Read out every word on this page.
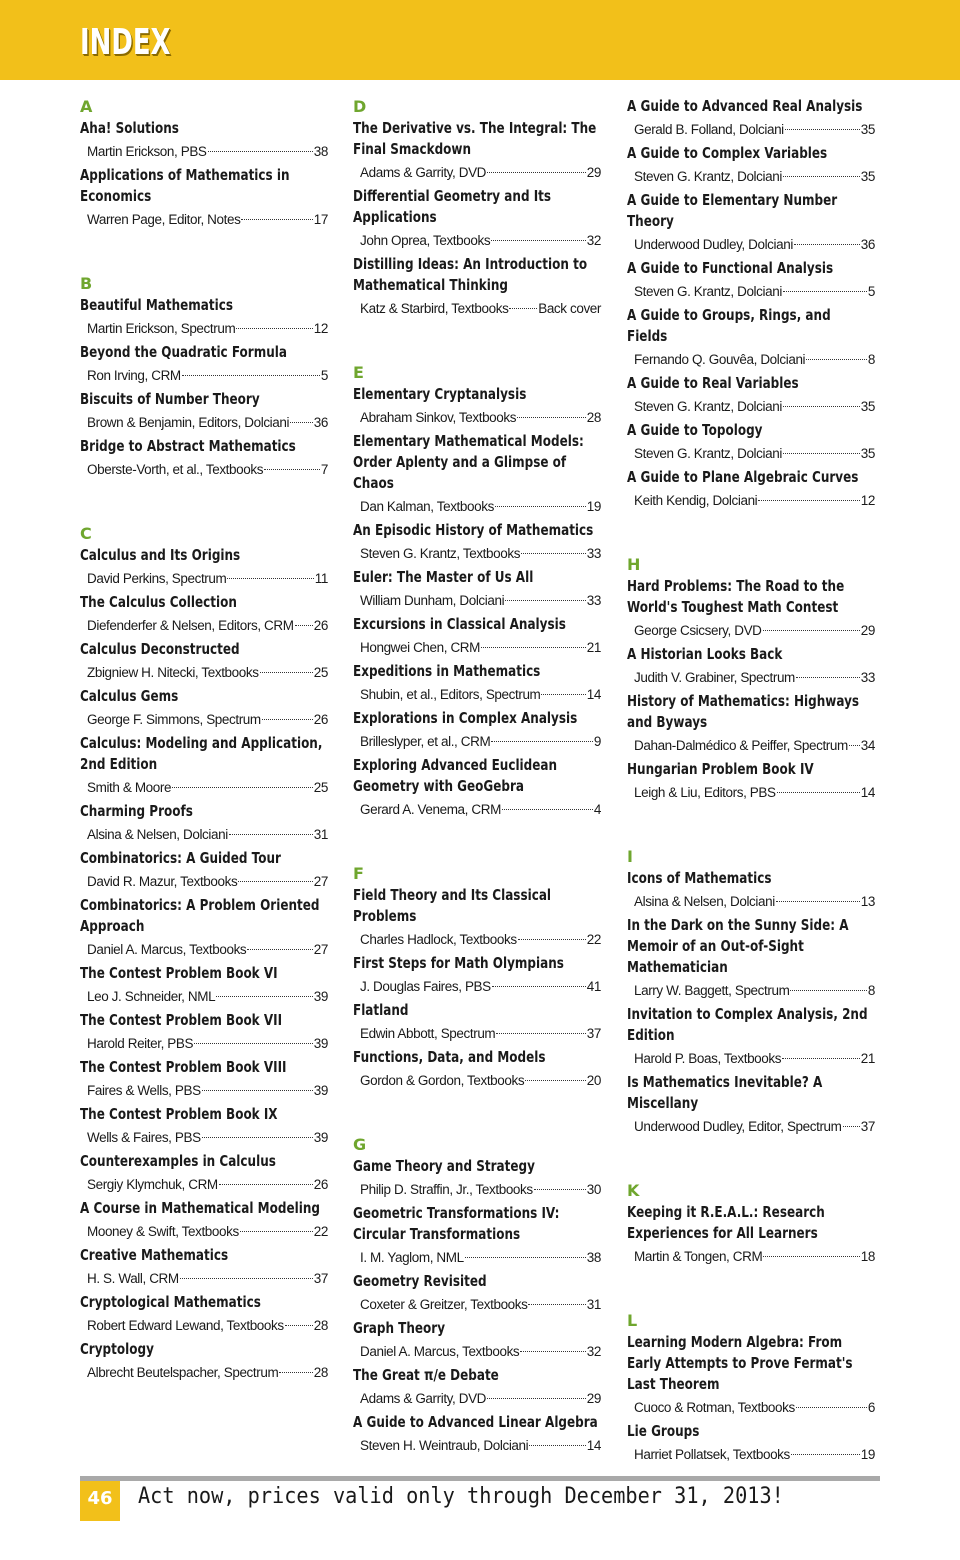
INDEX
A
Aha! Solutions
Martin Erickson, PBS	38
Applications of Mathematics in Economics
Warren Page, Editor, Notes	17
B
Beautiful Mathematics
Martin Erickson, Spectrum	12
Beyond the Quadratic Formula
Ron Irving, CRM	5
Biscuits of Number Theory
Brown & Benjamin, Editors, Dolciani 36
Bridge to Abstract Mathematics
Oberste-Vorth, et al., Textbooks	7
C
Calculus and Its Origins
David Perkins, Spectrum	11
The Calculus Collection
Diefenderfer & Nelsen, Editors, CRM 26
Calculus Deconstructed
Zbigniew H. Nitecki, Textbooks	25
Calculus Gems
George F. Simmons, Spectrum	26
Calculus: Modeling and Application, 2nd Edition
Smith & Moore	25
Charming Proofs
Alsina & Nelsen, Dolciani	31
Combinatorics: A Guided Tour
David R. Mazur, Textbooks	27
Combinatorics: A Problem Oriented Approach
Daniel A. Marcus, Textbooks	27
The Contest Problem Book VI
Leo J. Schneider, NML	39
The Contest Problem Book VII
Harold Reiter, PBS	39
The Contest Problem Book VIII
Faires & Wells, PBS	39
The Contest Problem Book IX
Wells & Faires, PBS	39
Counterexamples in Calculus
Sergiy Klymchuk, CRM	26
A Course in Mathematical Modeling
Mooney & Swift, Textbooks	22
Creative Mathematics
H. S. Wall, CRM	37
Cryptological Mathematics
Robert Edward Lewand, Textbooks 28
Cryptology
Albrecht Beutelspacher, Spectrum	28
D
The Derivative vs. The Integral: The Final Smackdown
Adams & Garrity, DVD	29
Differential Geometry and Its Applications
John Oprea, Textbooks	32
Distilling Ideas: An Introduction to Mathematical Thinking
Katz & Starbird, Textbooks Back cover
E
Elementary Cryptanalysis
Abraham Sinkov, Textbooks	28
Elementary Mathematical Models: Order Aplenty and a Glimpse of Chaos
Dan Kalman, Textbooks	19
An Episodic History of Mathematics
Steven G. Krantz, Textbooks	33
Euler: The Master of Us All
William Dunham, Dolciani	33
Excursions in Classical Analysis
Hongwei Chen, CRM	21
Expeditions in Mathematics
Shubin, et al., Editors, Spectrum	14
Explorations in Complex Analysis
Brilleslyper, et al., CRM	9
Exploring Advanced Euclidean Geometry with GeoGebra
Gerard A. Venema, CRM	4
F
Field Theory and Its Classical Problems
Charles Hadlock, Textbooks	22
First Steps for Math Olympians
J. Douglas Faires, PBS	41
Flatland
Edwin Abbott, Spectrum	37
Functions, Data, and Models
Gordon & Gordon, Textbooks	20
G
Game Theory and Strategy
Philip D. Straffin, Jr., Textbooks	30
Geometric Transformations IV: Circular Transformations
I. M. Yaglom, NML	38
Geometry Revisited
Coxeter & Greitzer, Textbooks	31
Graph Theory
Daniel A. Marcus, Textbooks	32
The Great π/e Debate
Adams & Garrity, DVD	29
A Guide to Advanced Linear Algebra
Steven H. Weintraub, Dolciani	14
A Guide to Advanced Real Analysis
Gerald B. Folland, Dolciani	35
A Guide to Complex Variables
Steven G. Krantz, Dolciani	35
A Guide to Elementary Number Theory
Underwood Dudley, Dolciani	36
A Guide to Functional Analysis
Steven G. Krantz, Dolciani	5
A Guide to Groups, Rings, and Fields
Fernando Q. Gouvêa, Dolciani	8
A Guide to Real Variables
Steven G. Krantz, Dolciani	35
A Guide to Topology
Steven G. Krantz, Dolciani	35
A Guide to Plane Algebraic Curves
Keith Kendig, Dolciani	12
H
Hard Problems: The Road to the World's Toughest Math Contest
George Csicsery, DVD	29
A Historian Looks Back
Judith V. Grabiner, Spectrum	33
History of Mathematics: Highways and Byways
Dahan-Dalmédico & Peiffer, Spectrum 34
Hungarian Problem Book IV
Leigh & Liu, Editors, PBS	14
I
Icons of Mathematics
Alsina & Nelsen, Dolciani	13
In the Dark on the Sunny Side: A Memoir of an Out-of-Sight Mathematician
Larry W. Baggett, Spectrum	8
Invitation to Complex Analysis, 2nd Edition
Harold P. Boas, Textbooks	21
Is Mathematics Inevitable? A Miscellany
Underwood Dudley, Editor, Spectrum 37
K
Keeping it R.E.A.L.: Research Experiences for All Learners
Martin & Tongen, CRM	18
L
Learning Modern Algebra: From Early Attempts to Prove Fermat's Last Theorem
Cuoco & Rotman, Textbooks	6
Lie Groups
Harriet Pollatsek, Textbooks	19
46	Act now, prices valid only through December 31, 2013!
